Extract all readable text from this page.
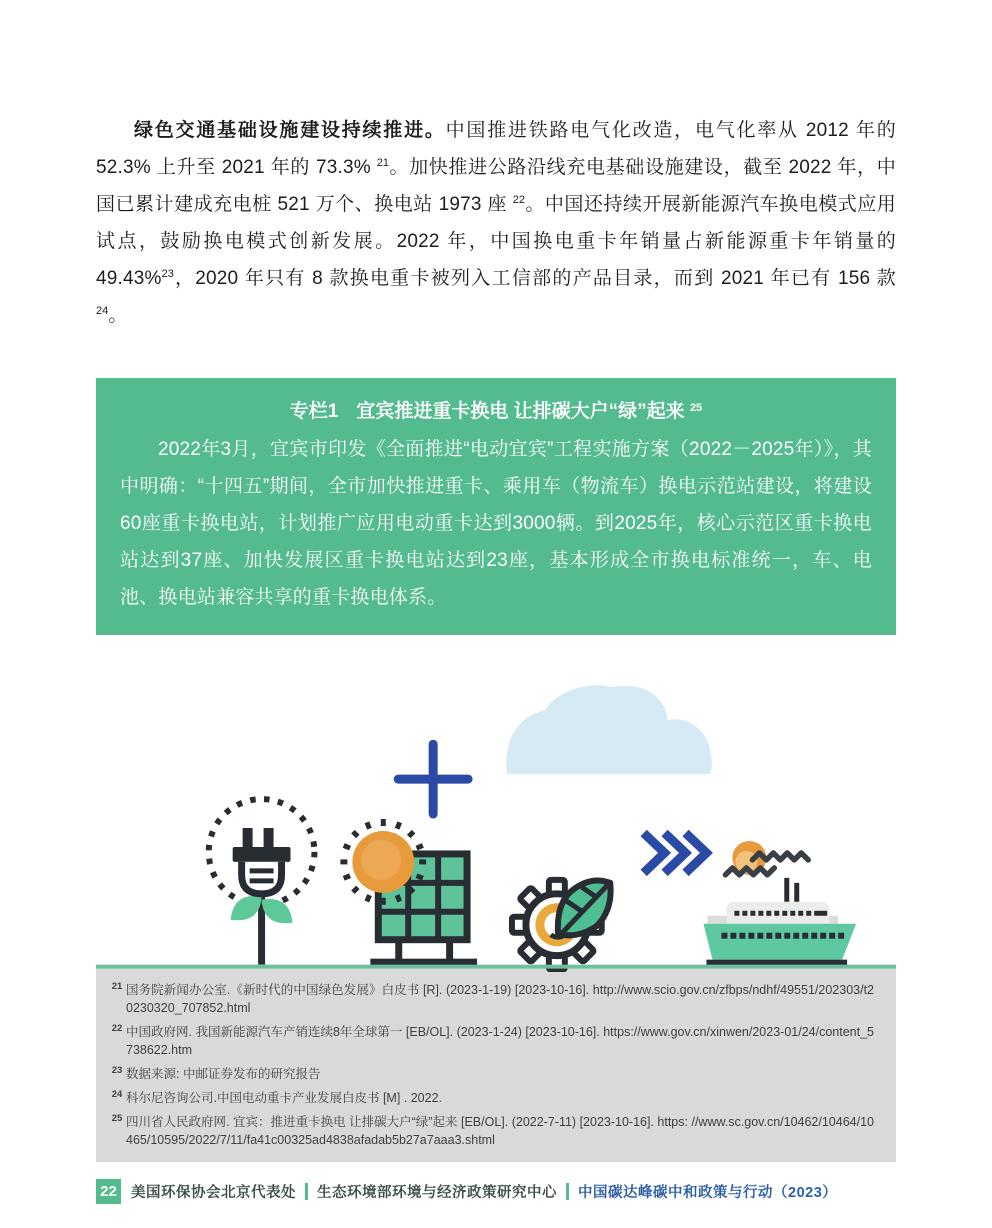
绿色交通基础设施建设持续推进。中国推进铁路电气化改造，电气化率从 2012 年的 52.3% 上升至 2021 年的 73.3% $^{21}$。加快推进公路沿线充电基础设施建设，截至 2022 年，中国已累计建成充电桩 521 万个、换电站 1973 座 $^{22}$。中国还持续开展新能源汽车换电模式应用试点，鼓励换电模式创新发展。2022 年，中国换电重卡年销量占新能源重卡年销量的 49.43%$^{23}$，2020 年只有 8 款换电重卡被列入工信部的产品目录，而到 2021 年已有 156 款 $^{24}$。

专栏1 宜宾推进重卡换电 让排碳大户“绿”起来 $^{25}$

2022年3月，宜宾市印发《全面推进“电动宜宾”工程实施方案（2022－2025年）》，其中明确：“十四五”期间，全市加快推进重卡、乘用车（物流车）换电示范站建设，将建设60座重卡换电站，计划推广应用电动重卡达到3000辆。到2025年，核心示范区重卡换电站达到37座、加快发展区重卡换电站达到23座，基本形成全市换电标准统一，车、电池、换电站兼容共享的重卡换电体系。

21 国务院新闻办公室.《新时代的中国绿色发展》白皮书 [R]. (2023-1-19) [2023-10-16]. http://www.scio.gov.cn/zfbps/ndhf/49551/202303/t20230320_707852.html
22 中国政府网. 我国新能源汽车产销连续8年全球第一 [EB/OL]. (2023-1-24) [2023-10-16]. https://www.gov.cn/xinwen/2023-01/24/content_5738622.htm
23 数据来源: 中邮证券发布的研究报告
24 科尔尼咨询公司.中国电动重卡产业发展白皮书 [M] . 2022.
25 四川省人民政府网. 宜宾：推进重卡换电 让排碳大户“绿”起来 [EB/OL]. (2022-7-11) [2023-10-16]. https: //www.sc.gov.cn/10462/10464/10465/10595/2022/7/11/fa41c00325ad4838afadab5b27a7aaa3.shtml
22 美国环保协会北京代表处 生态环境部环境与经济政策研究中心 中国碳达峰碳中和政策与行动（2023）
